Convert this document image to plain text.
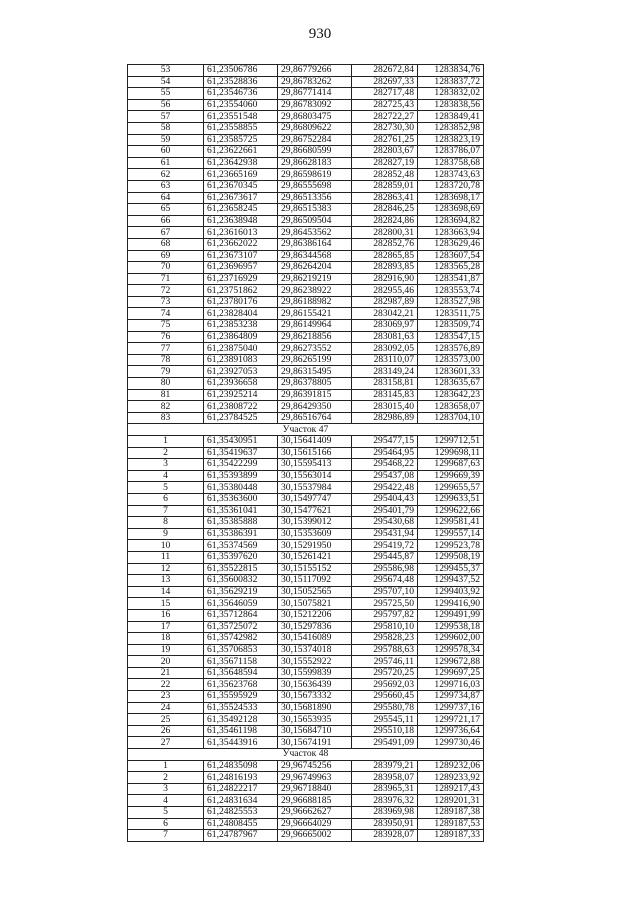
930
53	61,23506786	29,86779266	282672,84	1283834,76
54	61,23528836	29,86783262	282697,33	1283837,72
55	61,23546736	29,86771414	282717,48	1283832,02
56	61,23554060	29,86783092	282725,43	1283838,56
57	61,23551548	29,86803475	282722,27	1283849,41
58	61,23558855	29,86809622	282730,30	1283852,98
59	61,23585725	29,86752284	282761,25	1283823,19
60	61,23622661	29,86680599	282803,67	1283786,07
61	61,23642938	29,86628183	282827,19	1283758,68
62	61,23665169	29,86598619	282852,48	1283743,63
63	61,23670345	29,86555698	282859,01	1283720,78
64	61,23673617	29,86513356	282863,41	1283698,17
65	61,23658245	29,86515383	282846,25	1283698,69
66	61,23638948	29,86509504	282824,86	1283694,82
67	61,23616013	29,86453562	282800,31	1283663,94
68	61,23662022	29,86386164	282852,76	1283629,46
69	61,23673107	29,86344568	282865,85	1283607,54
70	61,23696957	29,86264204	282893,85	1283565,28
71	61,23716929	29,86219219	282916,90	1283541,87
72	61,23751862	29,86238922	282955,46	1283553,74
73	61,23780176	29,86188982	282987,89	1283527,98
74	61,23828404	29,86155421	283042,21	1283511,75
75	61,23853238	29,86149964	283069,97	1283509,74
76	61,23864809	29,86218856	283081,63	1283547,15
77	61,23875040	29,86273552	283092,05	1283576,89
78	61,23891083	29,86265199	283110,07	1283573,00
79	61,23927053	29,86315495	283149,24	1283601,33
80	61,23936658	29,86378805	283158,81	1283635,67
81	61,23925214	29,86391815	283145,83	1283642,23
82	61,23808722	29,86429350	283015,40	1283658,07
83	61,23784525	29,86516764	282986,89	1283704,10
Участок 47				
1	61,35430951	30,15641409	295477,15	1299712,51
2	61,35419637	30,15615166	295464,95	1299698,11
3	61,35422299	30,15595413	295468,22	1299687,63
4	61,35393899	30,15563014	295437,08	1299669,39
5	61,35380448	30,15537984	295422,48	1299655,57
6	61,35363600	30,15497747	295404,43	1299633,51
7	61,35361041	30,15477621	295401,79	1299622,66
8	61,35385888	30,15399012	295430,68	1299581,41
9	61,35386391	30,15353609	295431,94	1299557,14
10	61,35374569	30,15291950	295419,72	1299523,78
11	61,35397620	30,15261421	295445,87	1299508,19
12	61,35522815	30,15155152	295586,98	1299455,37
13	61,35600832	30,15117092	295674,48	1299437,52
14	61,35629219	30,15052565	295707,10	1299403,92
15	61,35646059	30,15075821	295725,50	1299416,90
16	61,35712864	30,15212206	295797,82	1299491,99
17	61,35725072	30,15297836	295810,10	1299538,18
18	61,35742982	30,15416089	295828,23	1299602,00
19	61,35706853	30,15374018	295788,63	1299578,34
20	61,35671158	30,15552922	295746,11	1299672,88
21	61,35648594	30,15599839	295720,25	1299697,25
22	61,35623768	30,15636439	295692,03	1299716,03
23	61,35595929	30,15673332	295660,45	1299734,87
24	61,35524533	30,15681890	295580,78	1299737,16
25	61,35492128	30,15653935	295545,11	1299721,17
26	61,35461198	30,15684710	295510,18	1299736,64
27	61,35443916	30,15674191	295491,09	1299730,46
Участок 48				
1	61,24835098	29,96745256	283979,21	1289232,06
2	61,24816193	29,96749963	283958,07	1289233,92
3	61,24822217	29,96718840	283965,31	1289217,43
4	61,24831634	29,96688185	283976,32	1289201,31
5	61,24825553	29,96662627	283969,98	1289187,38
6	61,24808455	29,96664029	283950,91	1289187,53
7	61,24787967	29,96665002	283928,07	1289187,33
